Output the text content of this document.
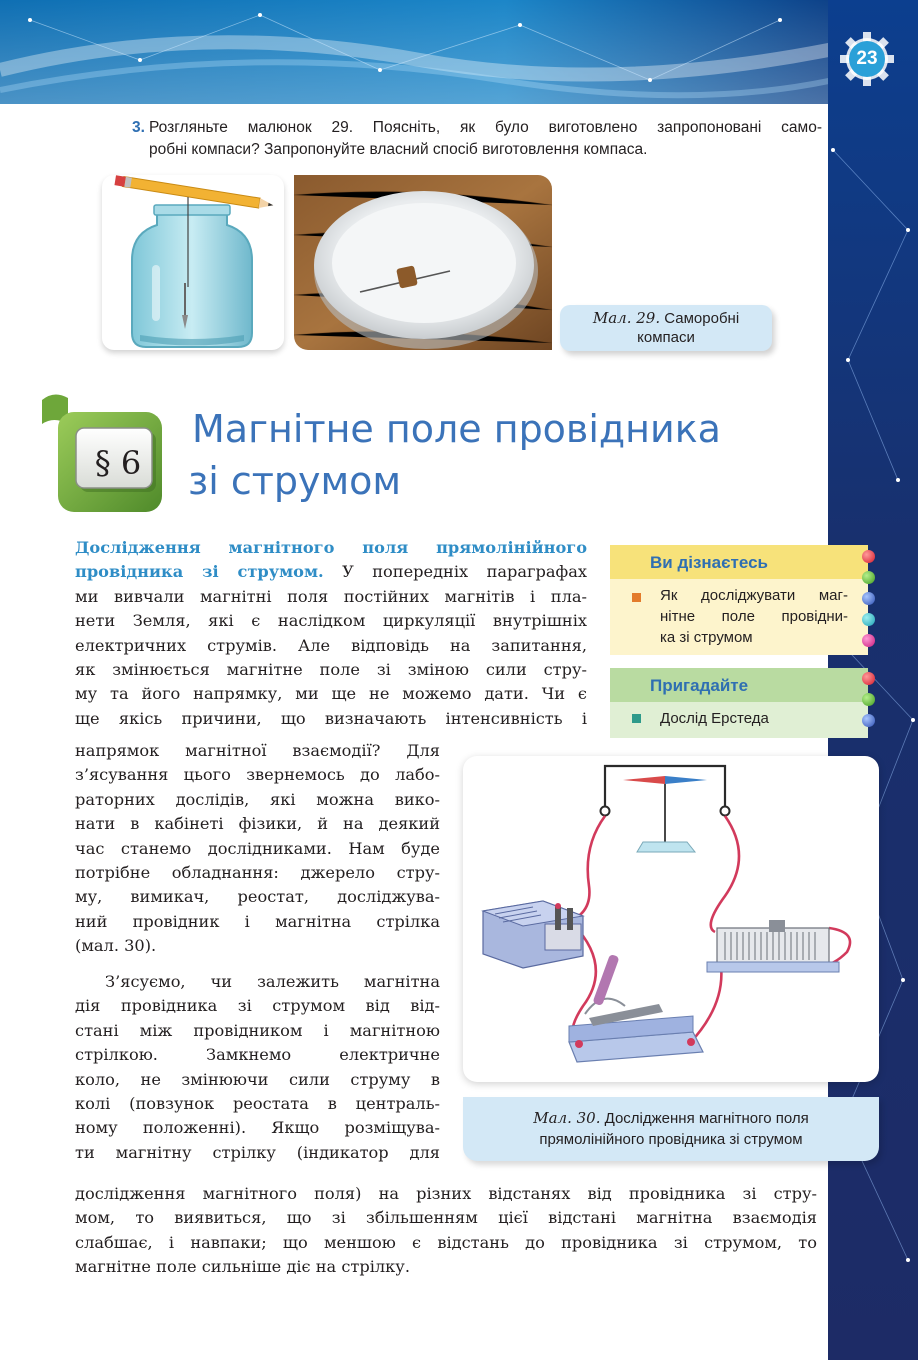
23
3. Розгляньте малюнок 29. Поясніть, як було виготовлено запропоновані само-
робні компаси? Запропонуйте власний спосіб виготовлення компаса.
Мал. 29. Саморобні
компаси
§ 6
Магнітне поле провідника
зі струмом
Дослідження магнітного поля прямолінійного
провідника зі струмом. У попередніх параграфах
ми вивчали магнітні поля постійних магнітів і пла-
нети Земля, які є наслідком циркуляції внутрішніх
електричних струмів. Але відповідь на запитання,
як змінюється магнітне поле зі зміною сили стру-
му та його напрямку, ми ще не можемо дати. Чи є
ще якісь причини, що визначають інтенсивність і
напрямок магнітної взаємодії? Для
з’ясування цього звернемось до лабо-
раторних дослідів, які можна вико-
нати в кабінеті фізики, й на деякий
час станемо дослідниками. Нам буде
потрібне обладнання: джерело стру-
му, вимикач, реостат, досліджува-
ний провідник і магнітна стрілка
(мал. 30).
З’ясуємо, чи залежить магнітна
дія провідника зі струмом від від-
стані між провідником і магнітною
стрілкою. Замкнемо електричне
коло, не змінюючи сили струму в
колі (повзунок реостата в централь-
ному положенні). Якщо розміщува-
ти магнітну стрілку (індикатор для
дослідження магнітного поля) на різних відстанях від провідника зі стру-
мом, то виявиться, що зі збільшенням цієї відстані магнітна взаємодія
слабшає, і навпаки; що меншою є відстань до провідника зі струмом, то
магнітне поле сильніше діє на стрілку.
Ви дізнаєтесь
Як досліджувати маг-
нітне поле провідни-
ка зі струмом
Пригадайте
Дослід Ерстеда
Мал. 30. Дослідження магнітного поля
прямолінійного провідника зі струмом
